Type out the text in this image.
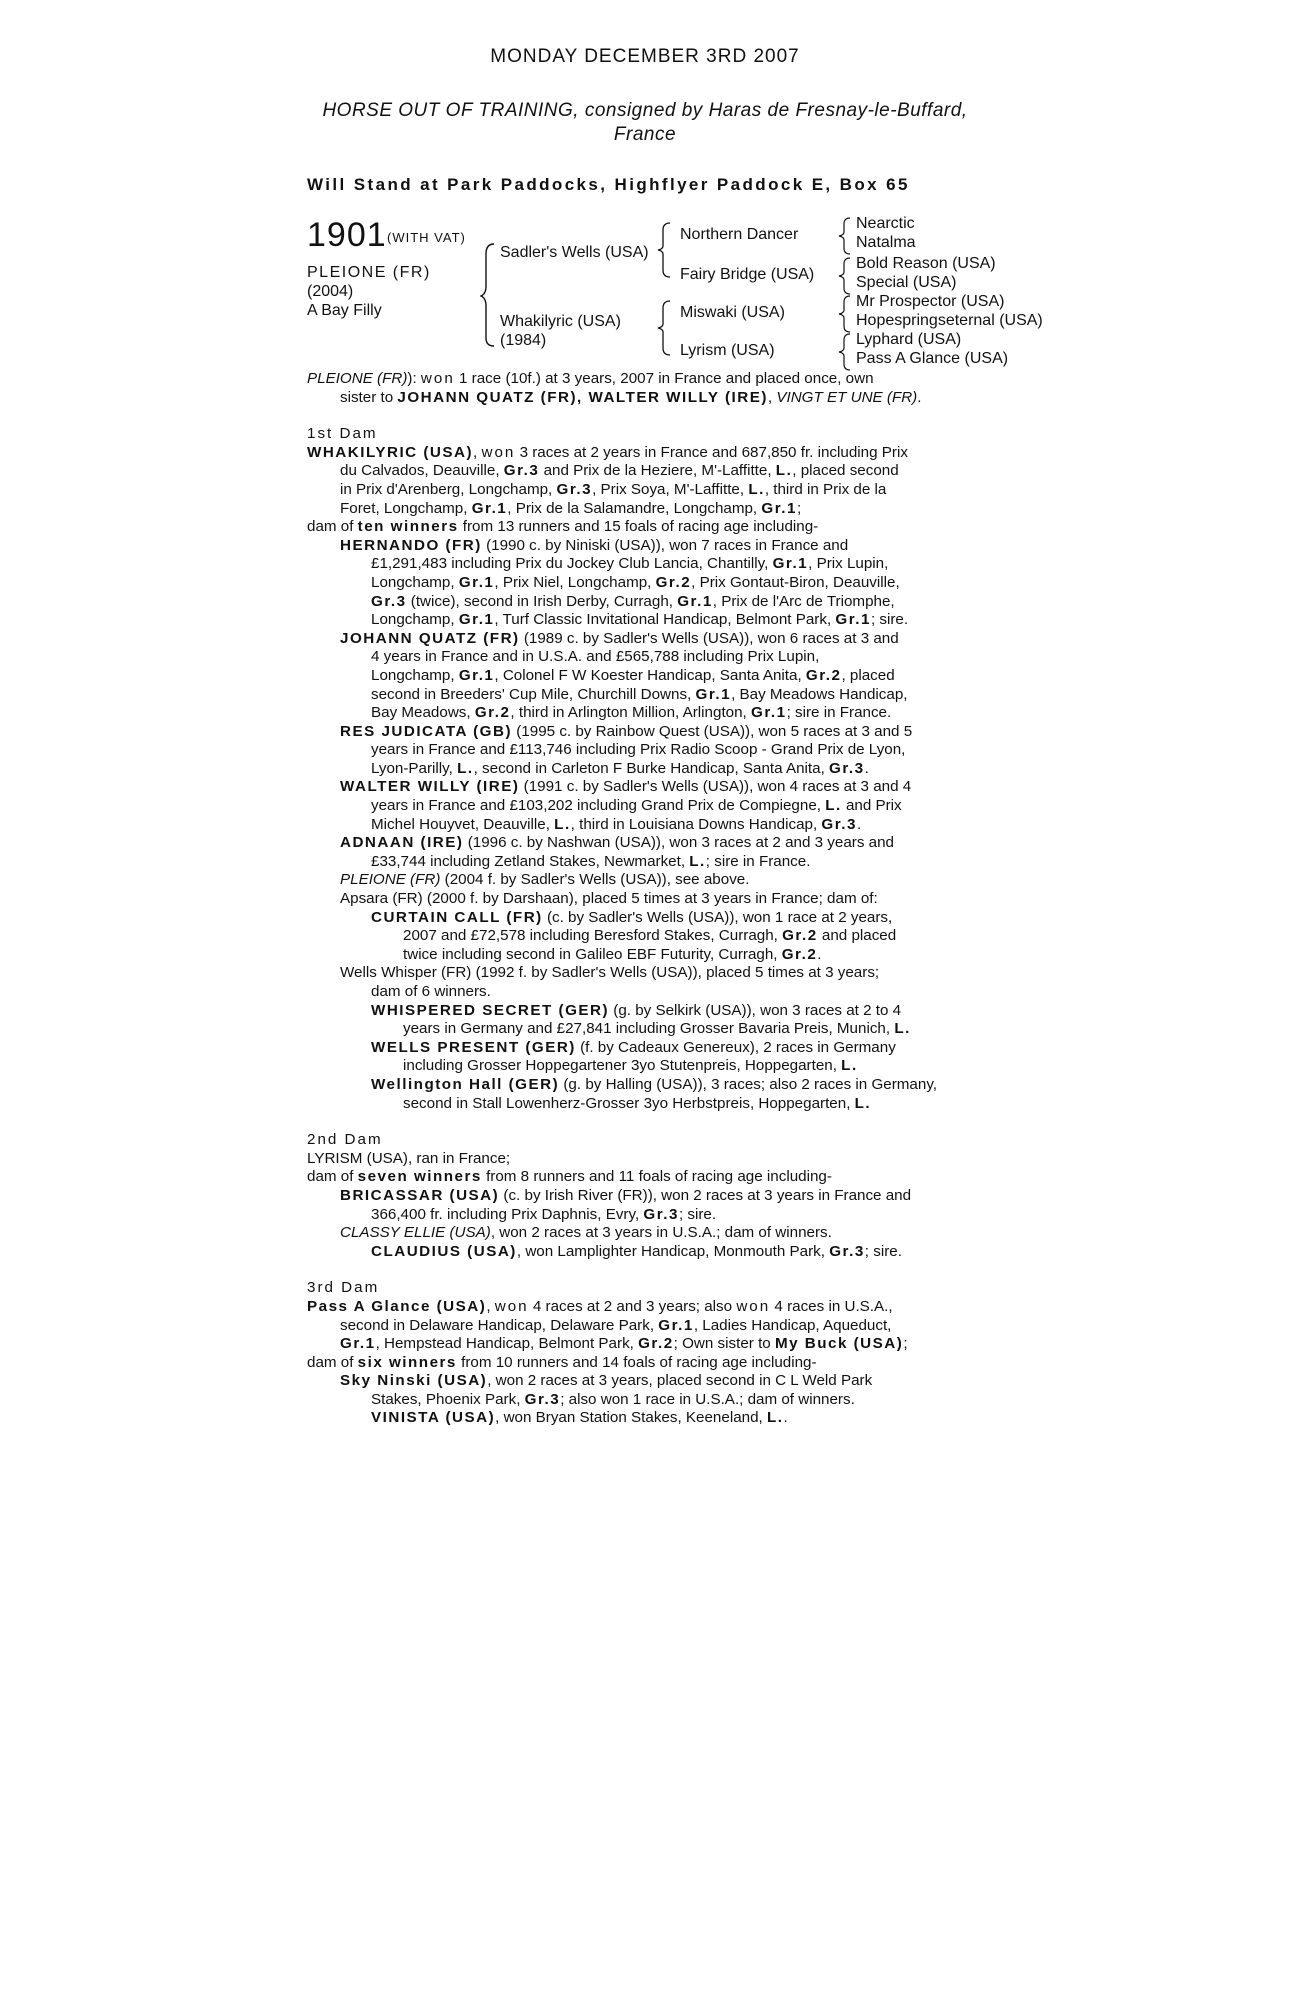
MONDAY DECEMBER 3RD 2007
HORSE OUT OF TRAINING, consigned by Haras de Fresnay-le-Buffard,
France
Will Stand at Park Paddocks, Highflyer Paddock E, Box 65
1901 (WITH VAT)
PLEIONE (FR)
(2004)
A Bay Filly
Sadler's Wells (USA)
Whakilyric (USA)
(1984)
Northern Dancer
Fairy Bridge (USA)
Miswaki (USA)
Lyrism (USA)
Nearctic
Natalma
Bold Reason (USA)
Special (USA)
Mr Prospector (USA)
Hopespringseternal (USA)
Lyphard (USA)
Pass A Glance (USA)

PLEIONE (FR)): won 1 race (10f.) at 3 years, 2007 in France and placed once, own

sister to JOHANN QUATZ (FR), WALTER WILLY (IRE), VINGT ET UNE (FR).

1st Dam

WHAKILYRIC (USA), won 3 races at 2 years in France and 687,850 fr. including Prix

du Calvados, Deauville, Gr.3 and Prix de la Heziere, M'-Laffitte, L., placed second

in Prix d'Arenberg, Longchamp, Gr.3, Prix Soya, M'-Laffitte, L., third in Prix de la

Foret, Longchamp, Gr.1, Prix de la Salamandre, Longchamp, Gr.1;

dam of ten winners from 13 runners and 15 foals of racing age including-

HERNANDO (FR) (1990 c. by Niniski (USA)), won 7 races in France and

£1,291,483 including Prix du Jockey Club Lancia, Chantilly, Gr.1, Prix Lupin,

Longchamp, Gr.1, Prix Niel, Longchamp, Gr.2, Prix Gontaut-Biron, Deauville,

Gr.3 (twice), second in Irish Derby, Curragh, Gr.1, Prix de l'Arc de Triomphe,

Longchamp, Gr.1, Turf Classic Invitational Handicap, Belmont Park, Gr.1; sire.

JOHANN QUATZ (FR) (1989 c. by Sadler's Wells (USA)), won 6 races at 3 and

4 years in France and in U.S.A. and £565,788 including Prix Lupin,

Longchamp, Gr.1, Colonel F W Koester Handicap, Santa Anita, Gr.2, placed

second in Breeders' Cup Mile, Churchill Downs, Gr.1, Bay Meadows Handicap,

Bay Meadows, Gr.2, third in Arlington Million, Arlington, Gr.1; sire in France.

RES JUDICATA (GB) (1995 c. by Rainbow Quest (USA)), won 5 races at 3 and 5

years in France and £113,746 including Prix Radio Scoop - Grand Prix de Lyon,

Lyon-Parilly, L., second in Carleton F Burke Handicap, Santa Anita, Gr.3.

WALTER WILLY (IRE) (1991 c. by Sadler's Wells (USA)), won 4 races at 3 and 4

years in France and £103,202 including Grand Prix de Compiegne, L. and Prix

Michel Houyvet, Deauville, L., third in Louisiana Downs Handicap, Gr.3.

ADNAAN (IRE) (1996 c. by Nashwan (USA)), won 3 races at 2 and 3 years and

£33,744 including Zetland Stakes, Newmarket, L.; sire in France.

PLEIONE (FR) (2004 f. by Sadler's Wells (USA)), see above.

Apsara (FR) (2000 f. by Darshaan), placed 5 times at 3 years in France; dam of:

CURTAIN CALL (FR) (c. by Sadler's Wells (USA)), won 1 race at 2 years,

2007 and £72,578 including Beresford Stakes, Curragh, Gr.2 and placed

twice including second in Galileo EBF Futurity, Curragh, Gr.2.

Wells Whisper (FR) (1992 f. by Sadler's Wells (USA)), placed 5 times at 3 years;

dam of 6 winners.

WHISPERED SECRET (GER) (g. by Selkirk (USA)), won 3 races at 2 to 4

years in Germany and £27,841 including Grosser Bavaria Preis, Munich, L.

WELLS PRESENT (GER) (f. by Cadeaux Genereux), 2 races in Germany

including Grosser Hoppegartener 3yo Stutenpreis, Hoppegarten, L.

Wellington Hall (GER) (g. by Halling (USA)), 3 races; also 2 races in Germany,

second in Stall Lowenherz-Grosser 3yo Herbstpreis, Hoppegarten, L.

2nd Dam

LYRISM (USA), ran in France;

dam of seven winners from 8 runners and 11 foals of racing age including-

BRICASSAR (USA) (c. by Irish River (FR)), won 2 races at 3 years in France and

366,400 fr. including Prix Daphnis, Evry, Gr.3; sire.

CLASSY ELLIE (USA), won 2 races at 3 years in U.S.A.; dam of winners.

CLAUDIUS (USA), won Lamplighter Handicap, Monmouth Park, Gr.3; sire.

3rd Dam

Pass A Glance (USA), won 4 races at 2 and 3 years; also won 4 races in U.S.A.,

second in Delaware Handicap, Delaware Park, Gr.1, Ladies Handicap, Aqueduct,

Gr.1, Hempstead Handicap, Belmont Park, Gr.2; Own sister to My Buck (USA);

dam of six winners from 10 runners and 14 foals of racing age including-

Sky Ninski (USA), won 2 races at 3 years, placed second in C L Weld Park

Stakes, Phoenix Park, Gr.3; also won 1 race in U.S.A.; dam of winners.

VINISTA (USA), won Bryan Station Stakes, Keeneland, L..
